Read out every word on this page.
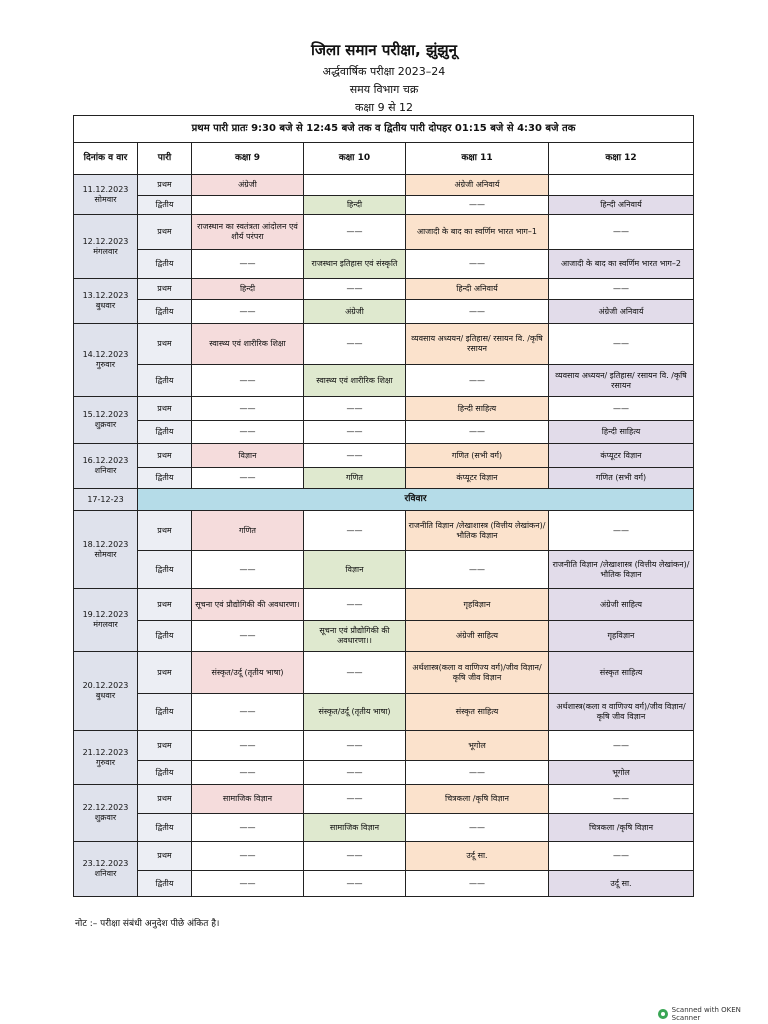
जिला समान परीक्षा, झुंझुनू
अर्द्धवार्षिक परीक्षा 2023–24
समय विभाग चक्र
कक्षा 9 से 12
प्रथम पारी प्रातः 9:30 बजे से 12:45 बजे तक व द्वितीय पारी दोपहर 01:15 बजे से 4:30 बजे तक					
दिनांक व वार	पारी	कक्षा 9	कक्षा 10	कक्षा 11	कक्षा 12

11.12.2023
सोमवार	प्रथम	अंग्रेजी		अंग्रेजी अनिवार्य	
	द्वितीय		हिन्दी	——	हिन्दी अनिवार्य

12.12.2023
मंगलवार	प्रथम	राजस्थान का स्वतंत्रता आंदोलन एवं शौर्य परंपरा	——	आजादी के बाद का स्वर्णिम भारत भाग–1	——
	द्वितीय	——	राजस्थान इतिहास एवं संस्कृति	——	आजादी के बाद का स्वर्णिम भारत भाग–2

13.12.2023
बुधवार	प्रथम	हिन्दी	——	हिन्दी अनिवार्य	——
	द्वितीय	——	अंग्रेजी	——	अंग्रेजी अनिवार्य

14.12.2023
गुरुवार	प्रथम	स्वास्थ्य एवं शारीरिक शिक्षा	——	व्यवसाय अध्ययन/ इतिहास/ रसायन वि. /कृषि रसायन	——
	द्वितीय	——	स्वास्थ्य एवं शारीरिक शिक्षा	——	व्यवसाय अध्ययन/ इतिहास/ रसायन वि. /कृषि रसायन

15.12.2023
शुक्रवार	प्रथम	——	——	हिन्दी साहित्य	——
	द्वितीय	——	——	——	हिन्दी साहित्य

16.12.2023
शनिवार	प्रथम	विज्ञान	——	गणित (सभी वर्ग)	कंप्यूटर विज्ञान
	द्वितीय	——	गणित	कंप्यूटर विज्ञान	गणित (सभी वर्ग)
17-12-23	रविवार				

18.12.2023
सोमवार	प्रथम	गणित	——	राजनीति विज्ञान /लेखाशास्त्र (वित्तीय लेखांकन)/भौतिक विज्ञान	——
	द्वितीय	——	विज्ञान	——	राजनीति विज्ञान /लेखाशास्त्र (वित्तीय लेखांकन)/भौतिक विज्ञान

19.12.2023
मंगलवार	प्रथम	सूचना एवं प्रौद्योगिकी की अवधारणा।	——	गृहविज्ञान	अंग्रेजी साहित्य
	द्वितीय	——	सूचना एवं प्रौद्योगिकी की अवधारणा।।	अंग्रेजी साहित्य	गृहविज्ञान

20.12.2023
बुधवार	प्रथम	संस्कृत/उर्दू (तृतीय भाषा)	——	अर्थशास्त्र(कला व वाणिज्य वर्ग)/जीव विज्ञान/कृषि जीव विज्ञान	संस्कृत साहित्य
	द्वितीय	——	संस्कृत/उर्दू (तृतीय भाषा)	संस्कृत साहित्य	अर्थशास्त्र(कला व वाणिज्य वर्ग)/जीव विज्ञान/कृषि जीव विज्ञान

21.12.2023
गुरुवार	प्रथम	——	——	भूगोल	——
	द्वितीय	——	——	——	भूगोल

22.12.2023
शुक्रवार	प्रथम	सामाजिक विज्ञान	——	चित्रकला /कृषि विज्ञान	——
	द्वितीय	——	सामाजिक विज्ञान	——	चित्रकला /कृषि विज्ञान

23.12.2023
शनिवार	प्रथम	——	——	उर्दू सा.	——
	द्वितीय	——	——	——	उर्दू सा.
नोट :– परीक्षा संबंधी अनुदेश पीछे अंकित है।
Scanned with OKEN Scanner
